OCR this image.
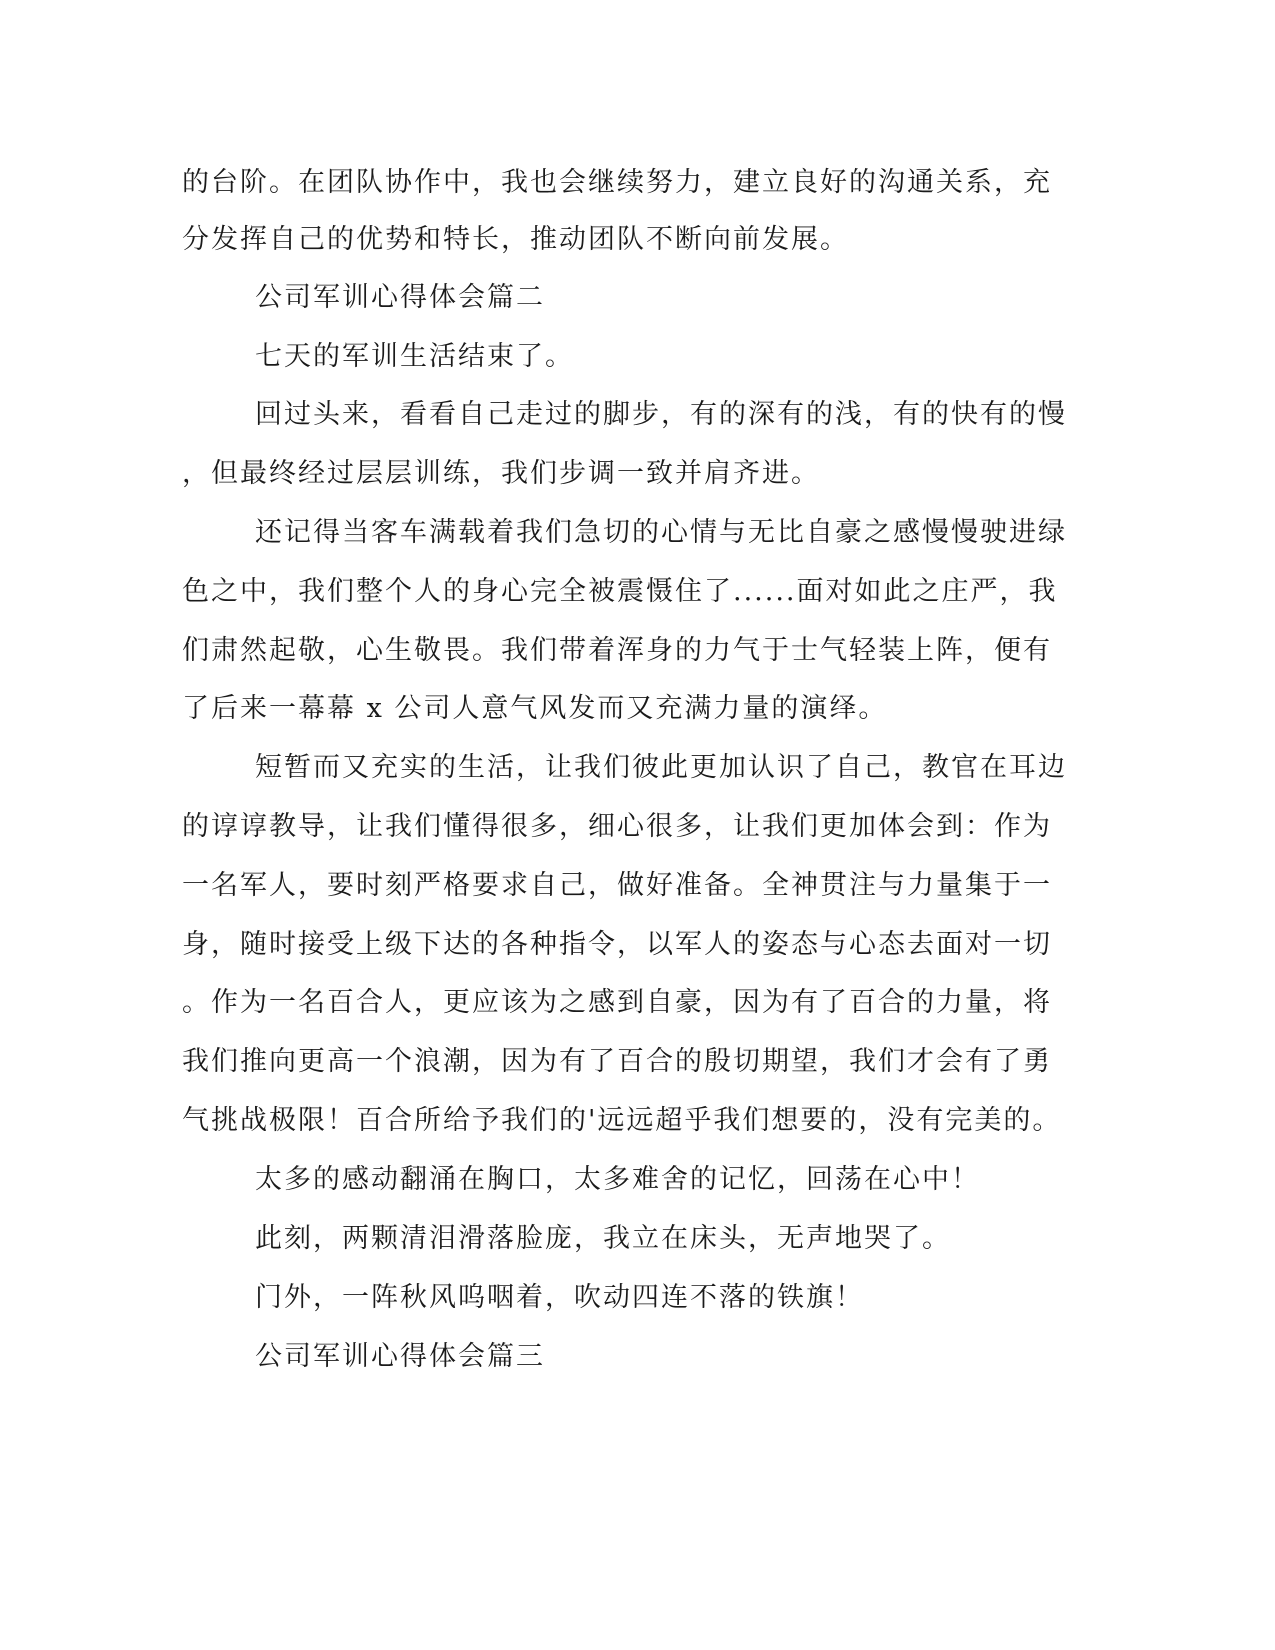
的台阶。在团队协作中，我也会继续努力，建立良好的沟通关系，充
分发挥自己的优势和特长，推动团队不断向前发展。
公司军训心得体会篇二
七天的军训生活结束了。
回过头来，看看自己走过的脚步，有的深有的浅，有的快有的慢
，但最终经过层层训练，我们步调一致并肩齐进。
还记得当客车满载着我们急切的心情与无比自豪之感慢慢驶进绿
色之中，我们整个人的身心完全被震慑住了......面对如此之庄严，我
们肃然起敬，心生敬畏。我们带着浑身的力气于士气轻装上阵，便有
了后来一幕幕 x 公司人意气风发而又充满力量的演绎。
短暂而又充实的生活，让我们彼此更加认识了自己，教官在耳边
的谆谆教导，让我们懂得很多，细心很多，让我们更加体会到：作为
一名军人，要时刻严格要求自己，做好准备。全神贯注与力量集于一
身，随时接受上级下达的各种指令，以军人的姿态与心态去面对一切
。作为一名百合人，更应该为之感到自豪，因为有了百合的力量，将
我们推向更高一个浪潮，因为有了百合的殷切期望，我们才会有了勇
气挑战极限！百合所给予我们的'远远超乎我们想要的，没有完美的。
太多的感动翻涌在胸口，太多难舍的记忆，回荡在心中！
此刻，两颗清泪滑落脸庞，我立在床头，无声地哭了。
门外，一阵秋风呜咽着，吹动四连不落的铁旗！
公司军训心得体会篇三
